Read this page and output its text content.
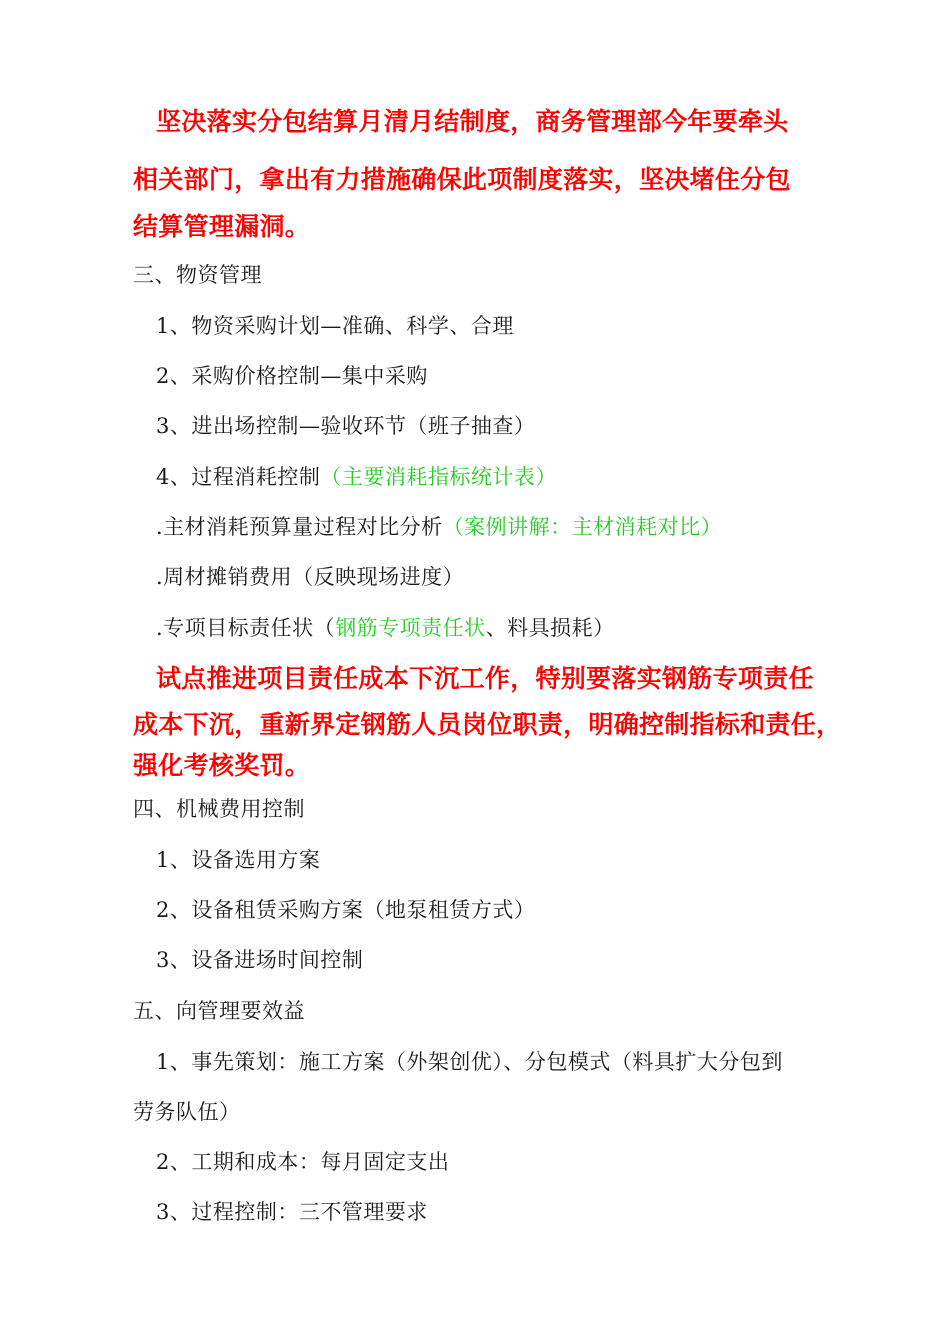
坚决落实分包结算月清月结制度，商务管理部今年要牵头
相关部门，拿出有力措施确保此项制度落实，坚决堵住分包
结算管理漏洞。
三、物资管理
1、物资采购计划—准确、科学、合理
2、采购价格控制—集中采购
3、进出场控制—验收环节（班子抽查）
4、过程消耗控制（主要消耗指标统计表）
.主材消耗预算量过程对比分析（案例讲解：主材消耗对比）
.周材摊销费用（反映现场进度）
.专项目标责任状（钢筋专项责任状、料具损耗）
试点推进项目责任成本下沉工作，特别要落实钢筋专项责任
成本下沉，重新界定钢筋人员岗位职责，明确控制指标和责任，
强化考核奖罚。
四、机械费用控制
1、设备选用方案
2、设备租赁采购方案（地泵租赁方式）
3、设备进场时间控制
五、向管理要效益
1、事先策划：施工方案（外架创优）、分包模式（料具扩大分包到
劳务队伍）
2、工期和成本：每月固定支出
3、过程控制：三不管理要求
